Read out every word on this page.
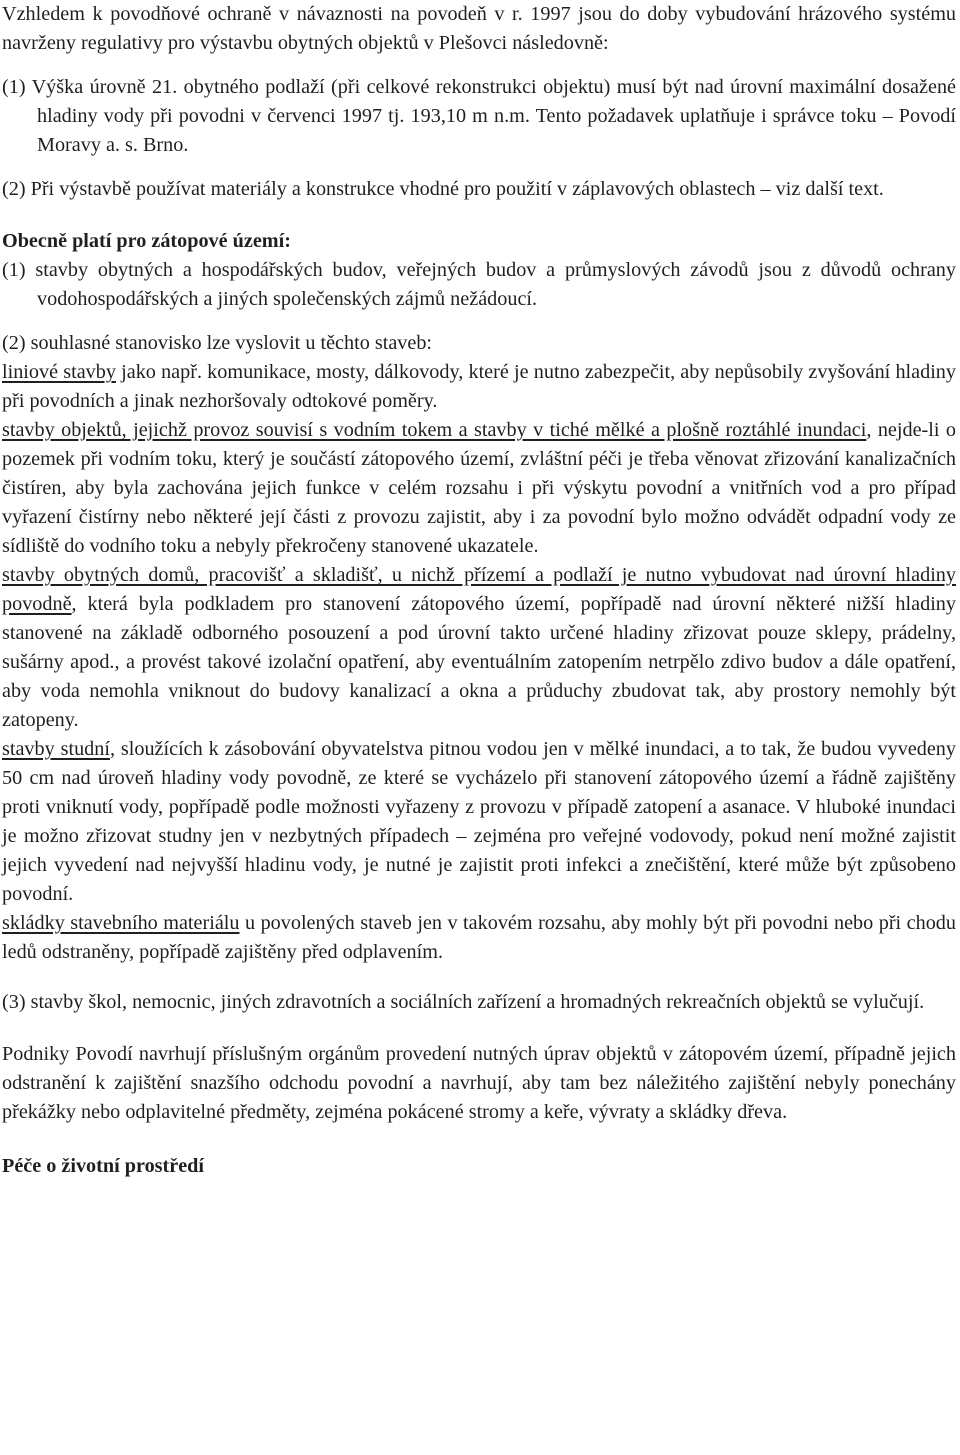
Vzhledem k povodňové ochraně v návaznosti na povodeň v r. 1997 jsou do doby vybudování hrázového systému navrženy regulativy pro výstavbu obytných objektů v Plešovci následovně:

(1) Výška úrovně 21. obytného podlaží (při celkové rekonstrukci objektu) musí být nad úrovní maximální dosažené hladiny vody při povodni v červenci 1997 tj. 193,10 m n.m. Tento požadavek uplatňuje i správce toku – Povodí Moravy a. s. Brno.

(2) Při výstavbě používat materiály a konstrukce vhodné pro použití v záplavových oblastech – viz další text.

Obecně platí pro zátopové území:

(1) stavby obytných a hospodářských budov, veřejných budov a průmyslových závodů jsou z důvodů ochrany vodohospodářských a jiných společenských zájmů nežádoucí.

(2) souhlasné stanovisko lze vyslovit u těchto staveb:

liniové stavby jako např. komunikace, mosty, dálkovody, které je nutno zabezpečit, aby nepůsobily zvyšování hladiny při povodních a jinak nezhoršovaly odtokové poměry.

stavby objektů, jejichž provoz souvisí s vodním tokem a stavby v tiché mělké a plošně roztáhlé inundaci, nejde-li o pozemek při vodním toku, který je součástí zátopového území, zvláštní péči je třeba věnovat zřizování kanalizačních čistíren, aby byla zachována jejich funkce v celém rozsahu i při výskytu povodní a vnitřních vod a pro případ vyřazení čistírny nebo některé její části z provozu zajistit, aby i za povodní bylo možno odvádět odpadní vody ze sídliště do vodního toku a nebyly překročeny stanovené ukazatele.

stavby obytných domů, pracovišť a skladišť, u nichž přízemí a podlaží je nutno vybudovat nad úrovní hladiny povodně, která byla podkladem pro stanovení zátopového území, popřípadě nad úrovní některé nižší hladiny stanovené na základě odborného posouzení a pod úrovní takto určené hladiny zřizovat pouze sklepy, prádelny, sušárny apod., a provést takové izolační opatření, aby eventuálním zatopením netrpělo zdivo budov a dále opatření, aby voda nemohla vniknout do budovy kanalizací a okna a průduchy zbudovat tak, aby prostory nemohly být zatopeny.

stavby studní, sloužících k zásobování obyvatelstva pitnou vodou jen v mělké inundaci, a to tak, že budou vyvedeny 50 cm nad úroveň hladiny vody povodně, ze které se vycházelo při stanovení zátopového území a řádně zajištěny proti vniknutí vody, popřípadě podle možnosti vyřazeny z provozu v případě zatopení a asanace. V hluboké inundaci je možno zřizovat studny jen v nezbytných případech – zejména pro veřejné vodovody, pokud není možné zajistit jejich vyvedení nad nejvyšší hladinu vody, je nutné je zajistit proti infekci a znečištění, které může být způsobeno povodní.

skládky stavebního materiálu u povolených staveb jen v takovém rozsahu, aby mohly být při povodni nebo při chodu ledů odstraněny, popřípadě zajištěny před odplavením.

(3) stavby škol, nemocnic, jiných zdravotních a sociálních zařízení a hromadných rekreačních objektů se vylučují.

Podniky Povodí navrhují příslušným orgánům provedení nutných úprav objektů v zátopovém území, případně jejich odstranění k zajištění snazšího odchodu povodní a navrhují, aby tam bez náležitého zajištění nebyly ponechány překážky nebo odplavitelné předměty, zejména pokácené stromy a keře, vývraty a skládky dřeva.

Péče o životní prostředí
